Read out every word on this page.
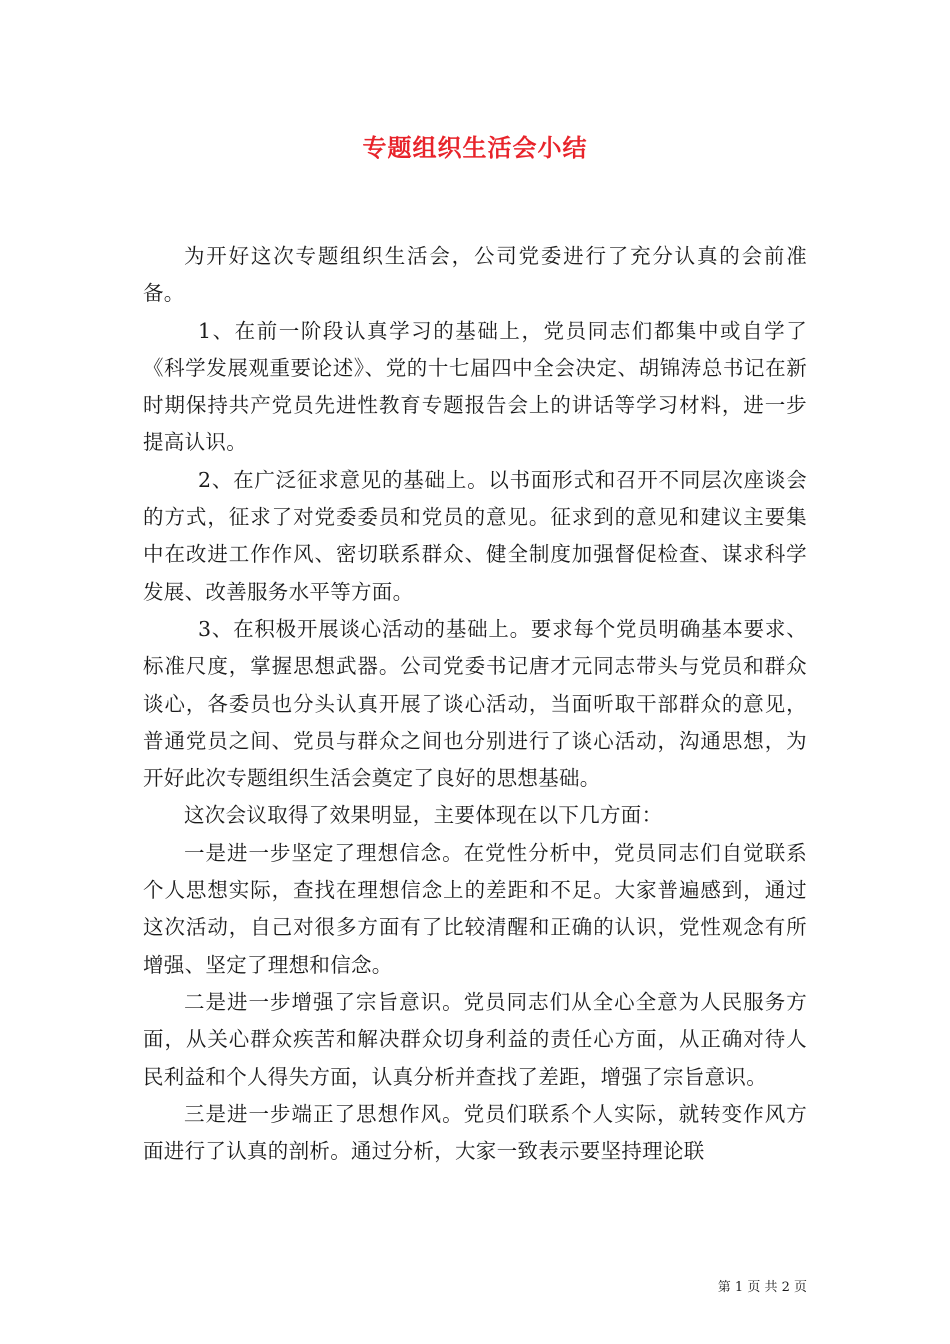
专题组织生活会小结

为开好这次专题组织生活会，公司党委进行了充分认真的会前准备。

1、在前一阶段认真学习的基础上，党员同志们都集中或自学了《科学发展观重要论述》、党的十七届四中全会决定、胡锦涛总书记在新时期保持共产党员先进性教育专题报告会上的讲话等学习材料，进一步提高认识。

2、在广泛征求意见的基础上。以书面形式和召开不同层次座谈会的方式，征求了对党委委员和党员的意见。征求到的意见和建议主要集中在改进工作作风、密切联系群众、健全制度加强督促检查、谋求科学发展、改善服务水平等方面。

3、在积极开展谈心活动的基础上。要求每个党员明确基本要求、标准尺度，掌握思想武器。公司党委书记唐才元同志带头与党员和群众谈心，各委员也分头认真开展了谈心活动，当面听取干部群众的意见，普通党员之间、党员与群众之间也分别进行了谈心活动，沟通思想，为开好此次专题组织生活会奠定了良好的思想基础。

这次会议取得了效果明显，主要体现在以下几方面：

一是进一步坚定了理想信念。在党性分析中，党员同志们自觉联系个人思想实际，查找在理想信念上的差距和不足。大家普遍感到，通过这次活动，自己对很多方面有了比较清醒和正确的认识，党性观念有所增强、坚定了理想和信念。

二是进一步增强了宗旨意识。党员同志们从全心全意为人民服务方面，从关心群众疾苦和解决群众切身利益的责任心方面，从正确对待人民利益和个人得失方面，认真分析并查找了差距，增强了宗旨意识。

三是进一步端正了思想作风。党员们联系个人实际，就转变作风方面进行了认真的剖析。通过分析，大家一致表示要坚持理论联

第 1 页 共 2 页
